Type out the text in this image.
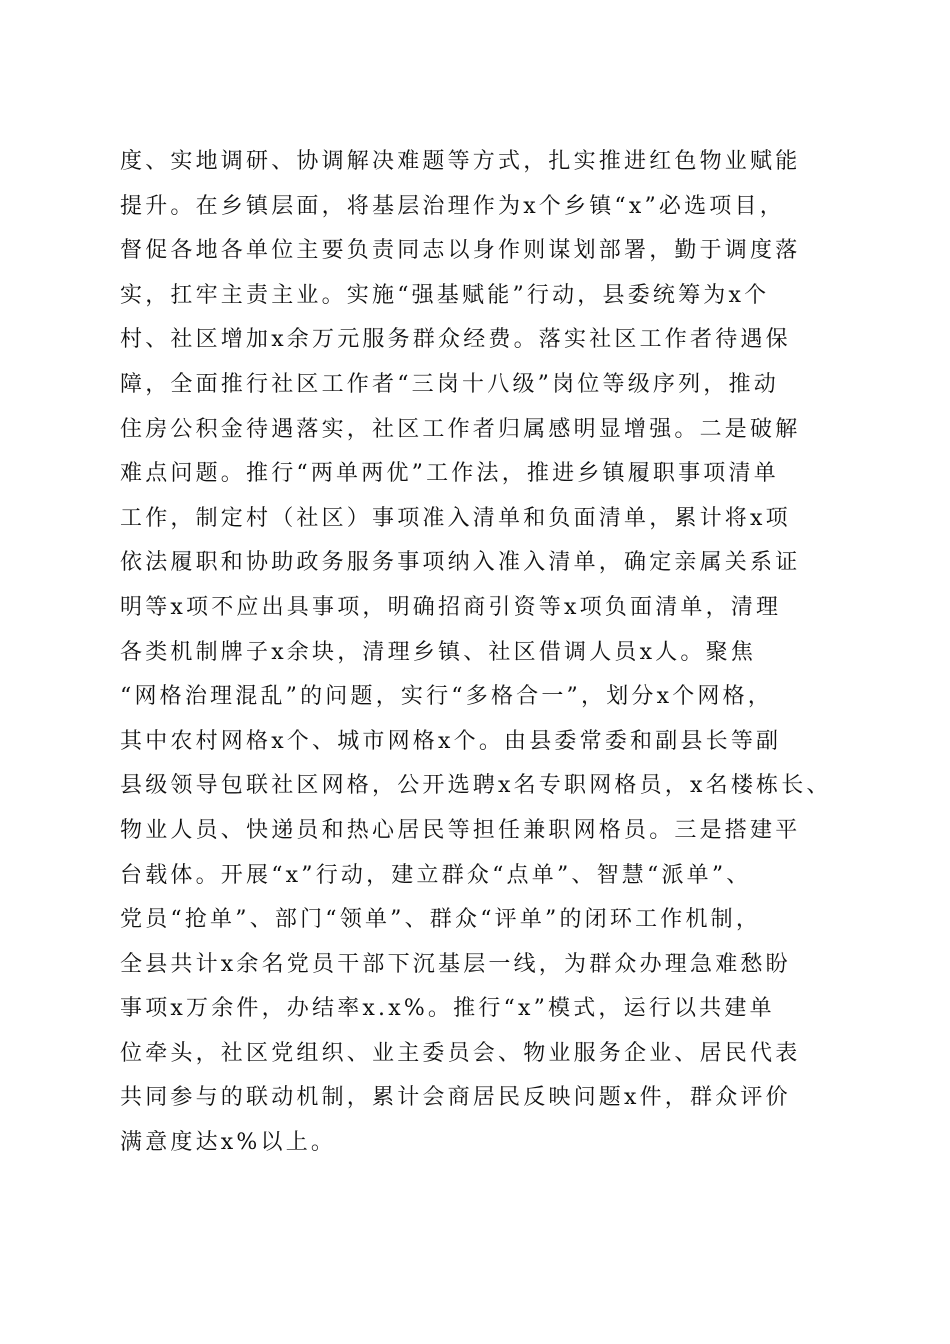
度、实地调研、协调解决难题等方式，扎实推进红色物业赋能
提升。在乡镇层面，将基层治理作为x个乡镇“x”必选项目，
督促各地各单位主要负责同志以身作则谋划部署，勤于调度落
实，扛牢主责主业。实施“强基赋能”行动，县委统筹为x个
村、社区增加x余万元服务群众经费。落实社区工作者待遇保
障，全面推行社区工作者“三岗十八级”岗位等级序列，推动
住房公积金待遇落实，社区工作者归属感明显增强。二是破解
难点问题。推行“两单两优”工作法，推进乡镇履职事项清单
工作，制定村（社区）事项准入清单和负面清单，累计将x项
依法履职和协助政务服务事项纳入准入清单，确定亲属关系证
明等x项不应出具事项，明确招商引资等x项负面清单，清理
各类机制牌子x余块，清理乡镇、社区借调人员x人。聚焦
“网格治理混乱”的问题，实行“多格合一”，划分x个网格，
其中农村网格x个、城市网格x个。由县委常委和副县长等副
县级领导包联社区网格，公开选聘x名专职网格员，x名楼栋长、
物业人员、快递员和热心居民等担任兼职网格员。三是搭建平
台载体。开展“x”行动，建立群众“点单”、智慧“派单”、
党员“抢单”、部门“领单”、群众“评单”的闭环工作机制，
全县共计x余名党员干部下沉基层一线，为群众办理急难愁盼
事项x万余件，办结率x.x%。推行“x”模式，运行以共建单
位牵头，社区党组织、业主委员会、物业服务企业、居民代表
共同参与的联动机制，累计会商居民反映问题x件，群众评价
满意度达x%以上。
